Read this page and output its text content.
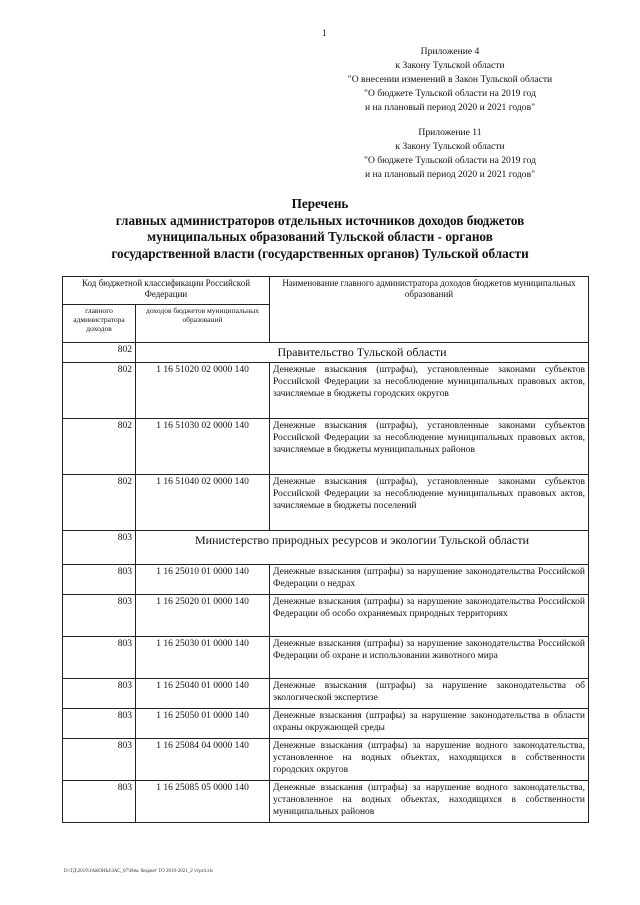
1
Приложение 4
к Закону Тульской области
"О внесении изменений в Закон Тульской области
"О бюджете Тульской области на 2019 год
и на плановый период 2020 и 2021 годов"
Приложение 11
к Закону Тульской области
"О бюджете Тульской области на 2019 год
и на плановый период 2020 и 2021 годов"
Перечень
главных администраторов отдельных источников доходов бюджетов
муниципальных образований Тульской области - органов
государственной власти (государственных органов) Тульской области
Код бюджетной классификации Российской Федерации		Наименование главного администратора доходов бюджетов муниципальных образований
главного администратора доходов	доходов бюджетов муниципальных образований	
802	Правительство Тульской области	
802	1 16 51020 02 0000 140	Денежные взыскания (штрафы), установленные законами субъектов Российской Федерации за несоблюдение муниципальных правовых актов, зачисляемые в бюджеты городских округов
802	1 16 51030 02 0000 140	Денежные взыскания (штрафы), установленные законами субъектов Российской Федерации за несоблюдение муниципальных правовых актов, зачисляемые в бюджеты муниципальных районов
802	1 16 51040 02 0000 140	Денежные взыскания (штрафы), установленные законами субъектов Российской Федерации за несоблюдение муниципальных правовых актов, зачисляемые в бюджеты поселений
803	Министерство природных ресурсов и экологии Тульской области	
803	1 16 25010 01 0000 140	Денежные взыскания (штрафы) за нарушение законодательства Российской Федерации о недрах
803	1 16 25020 01 0000 140	Денежные взыскания (штрафы) за нарушение законодательства Российской Федерации об особо охраняемых природных территориях
803	1 16 25030 01 0000 140	Денежные взыскания (штрафы) за нарушение законодательства Российской Федерации об охране и использовании животного мира
803	1 16 25040 01 0000 140	Денежные взыскания (штрафы) за нарушение законодательства об экологической экспертизе
803	1 16 25050 01 0000 140	Денежные взыскания (штрафы) за нарушение законодательства в области охраны окружающей среды
803	1 16 25084 04 0000 140	Денежные взыскания (штрафы) за нарушение водного законодательства, установленное на водных объектах, находящихся в собственности городских округов
803	1 16 25085 05 0000 140	Денежные взыскания (штрафы) за нарушение водного законодательства, установленное на водных объектах, находящихся в собственности муниципальных районов
D:\ГД\2019\ЗАКОНЫ\ЗАС_07\Изм. бюджет ТО 2019-2021_2 vt\pr4.xls
